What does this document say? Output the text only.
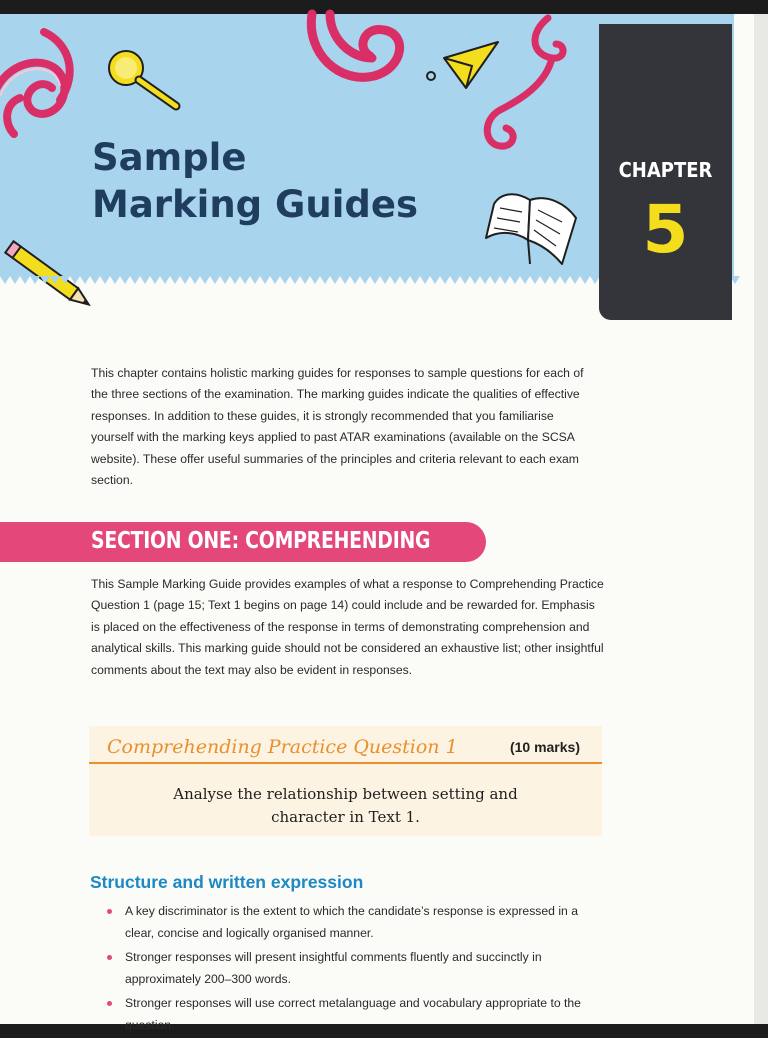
Sample
Marking Guides
CHAPTER
5

This chapter contains holistic marking guides for responses to sample questions for each of the three sections of the examination. The marking guides indicate the qualities of effective responses. In addition to these guides, it is strongly recommended that you familiarise yourself with the marking keys applied to past ATAR examinations (available on the SCSA website). These offer useful summaries of the principles and criteria relevant to each exam section.

SECTION ONE: COMPREHENDING

This Sample Marking Guide provides examples of what a response to Comprehending Practice Question 1 (page 15; Text 1 begins on page 14) could include and be rewarded for. Emphasis is placed on the effectiveness of the response in terms of demonstrating comprehension and analytical skills. This marking guide should not be considered an exhaustive list; other insightful comments about the text may also be evident in responses.

Comprehending Practice Question 1	(10 marks)
Analyse the relationship between setting and
character in Text 1.
Structure and written expression
A key discriminator is the extent to which the candidate’s response is expressed in a clear, concise and logically organised manner.
Stronger responses will present insightful comments fluently and succinctly in approximately 200–300 words.
Stronger responses will use correct metalanguage and vocabulary appropriate to the question.
